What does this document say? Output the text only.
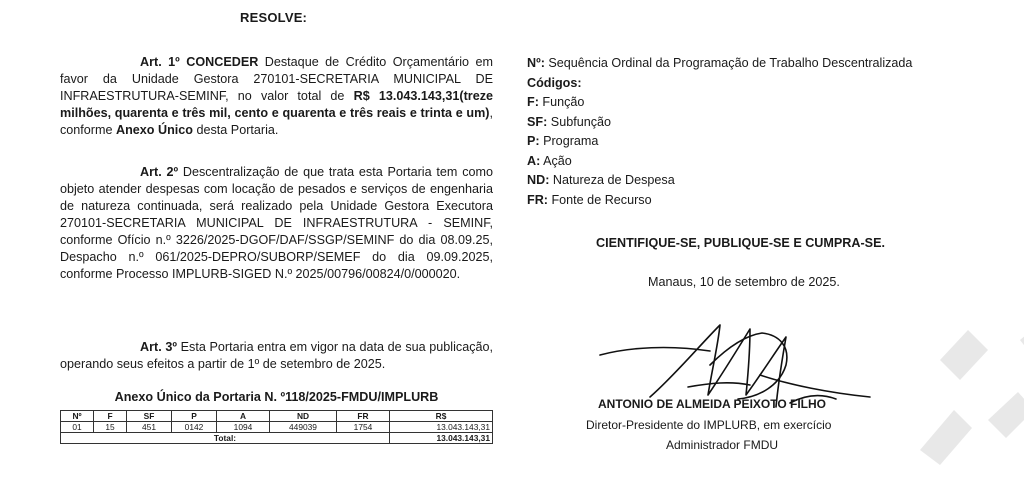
RESOLVE:
Art. 1º CONCEDER Destaque de Crédito Orçamentário em favor da Unidade Gestora 270101-SECRETARIA MUNICIPAL DE INFRAESTRUTURA-SEMINF, no valor total de R$ 13.043.143,31(treze milhões, quarenta e três mil, cento e quarenta e três reais e trinta e um), conforme Anexo Único desta Portaria.
Art. 2º Descentralização de que trata esta Portaria tem como objeto atender despesas com locação de pesados e serviços de engenharia de natureza continuada, será realizado pela Unidade Gestora Executora 270101-SECRETARIA MUNICIPAL DE INFRAESTRUTURA - SEMINF, conforme Ofício n.º 3226/2025-DGOF/DAF/SSGP/SEMINF do dia 08.09.25, Despacho n.º 061/2025-DEPRO/SUBORP/SEMEF do dia 09.09.2025, conforme Processo IMPLURB-SIGED N.º 2025/00796/00824/0/000020.
Art. 3º Esta Portaria entra em vigor na data de sua publicação, operando seus efeitos a partir de 1º de setembro de 2025.
Anexo Único da Portaria N. º118/2025-FMDU/IMPLURB
Nº	F	SF	P	A	ND	FR	R$
01	15	451	0142	1094	449039	1754	13.043.143,31
Total:							13.043.143,31
Nº: Sequência Ordinal da Programação de Trabalho Descentralizada
Códigos:
F: Função
SF: Subfunção
P: Programa
A: Ação
ND: Natureza de Despesa
FR: Fonte de Recurso
CIENTIFIQUE-SE, PUBLIQUE-SE E CUMPRA-SE.
Manaus, 10 de setembro de 2025.
ANTONIO DE ALMEIDA PEIXOTO FILHO
Diretor-Presidente do IMPLURB, em exercício
Administrador FMDU
